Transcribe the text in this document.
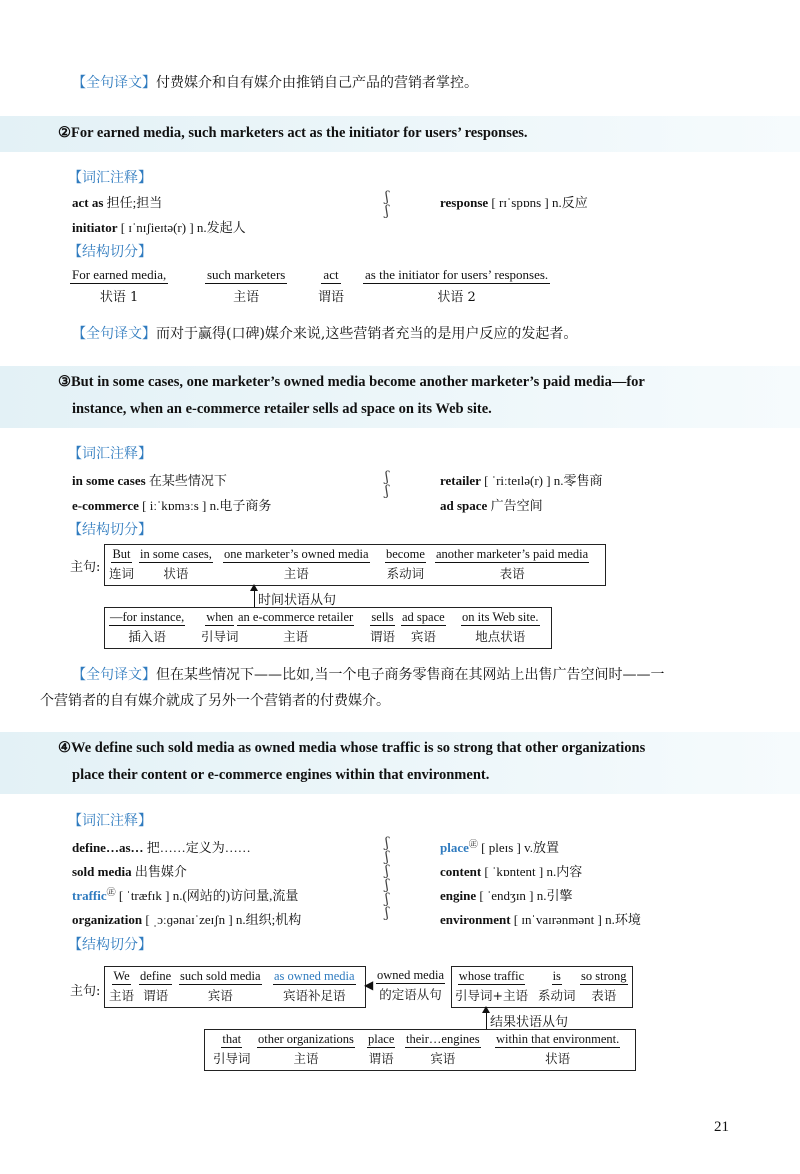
【全句译文】付费媒介和自有媒介由推销自己产品的营销者掌控。
②For earned media, such marketers act as the initiator for users’ responses.
【词汇注释】
act as 担任;担当
initiator [ ɪˈnɪʃieɪtə(r) ] n.发起人
response [ rɪˈspɒns ] n.反应
ʃ
ʃ
【结构切分】
For earned media,
状语 1
such marketers
主语
act
谓语
as the initiator for users’ responses.
状语 2
【全句译文】而对于赢得(口碑)媒介来说,这些营销者充当的是用户反应的发起者。
③But in some cases, one marketer’s owned media become another marketer’s paid media—for
instance, when an e-commerce retailer sells ad space on its Web site.
【词汇注释】
in some cases 在某些情况下
e-commerce [ iːˈkɒmɜːs ] n.电子商务
retailer [ ˈriːteɪlə(r) ] n.零售商
ad space 广告空间
ʃ
ʃ
【结构切分】
主句:
But
连词
in some cases,
状语
one marketer’s owned media
主语
become
系动词
another marketer’s paid media
表语
时间状语从句
—for instance,
插入语
when
引导词
an e-commerce retailer
主语
sells
谓语
ad space
宾语
on its Web site.
地点状语
【全句译文】但在某些情况下——比如,当一个电子商务零售商在其网站上出售广告空间时——一
个营销者的自有媒介就成了另外一个营销者的付费媒介。
④We define such sold media as owned media whose traffic is so strong that other organizations
place their content or e-commerce engines within that environment.
【词汇注释】
define…as… 把……定义为……
sold media 出售媒介
traffic㊣ [ ˈtræfɪk ] n.(网站的)访问量,流量
organization [ ˌɔːɡənaɪˈzeɪʃn ] n.组织;机构
place㊣ [ pleɪs ] v.放置
content [ ˈkɒntent ] n.内容
engine [ ˈendʒɪn ] n.引擎
environment [ ɪnˈvaɪrənmənt ] n.环境
ʃ
ʃ
ʃ
ʃ
ʃ
ʃ
【结构切分】
主句:
We
主语
define
谓语
such sold media
宾语
as owned media
宾语补足语
◀
owned media
的定语从句
whose traffic
引导词+主语
is
系动词
so strong
表语
结果状语从句
that
引导词
other organizations
主语
place
谓语
their…engines
宾语
within that environment.
状语
21
